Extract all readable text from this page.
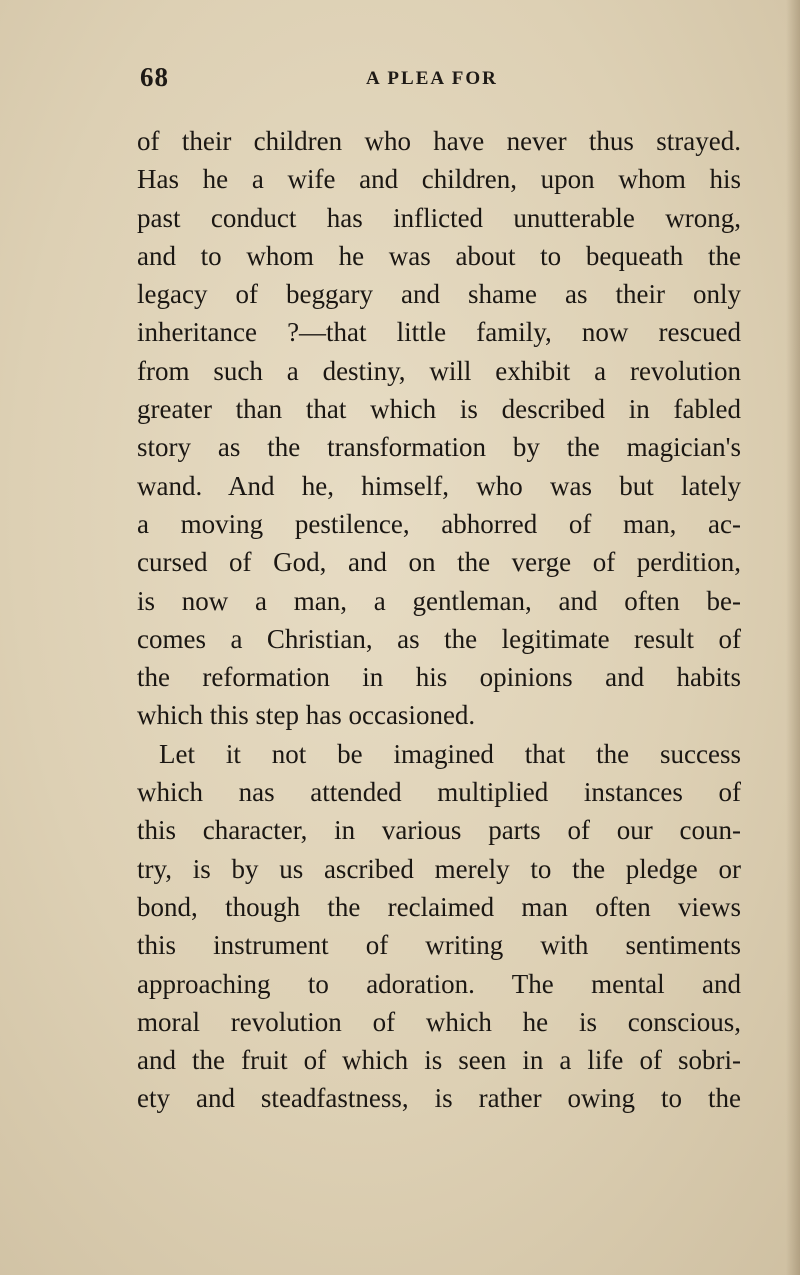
68	A PLEA FOR
of their children who have never thus strayed.
Has he a wife and children, upon whom his
past conduct has inflicted unutterable wrong,
and to whom he was about to bequeath the
legacy of beggary and shame as their only
inheritance ?—that little family, now rescued
from such a destiny, will exhibit a revolution
greater than that which is described in fabled
story as the transformation by the magician's
wand. And he, himself, who was but lately
a moving pestilence, abhorred of man, ac-
cursed of God, and on the verge of perdition,
is now a man, a gentleman, and often be-
comes a Christian, as the legitimate result of
the reformation in his opinions and habits
which this step has occasioned.
Let it not be imagined that the success
which nas attended multiplied instances of
this character, in various parts of our coun-
try, is by us ascribed merely to the pledge or
bond, though the reclaimed man often views
this instrument of writing with sentiments
approaching to adoration. The mental and
moral revolution of which he is conscious,
and the fruit of which is seen in a life of sobri-
ety and steadfastness, is rather owing to the
